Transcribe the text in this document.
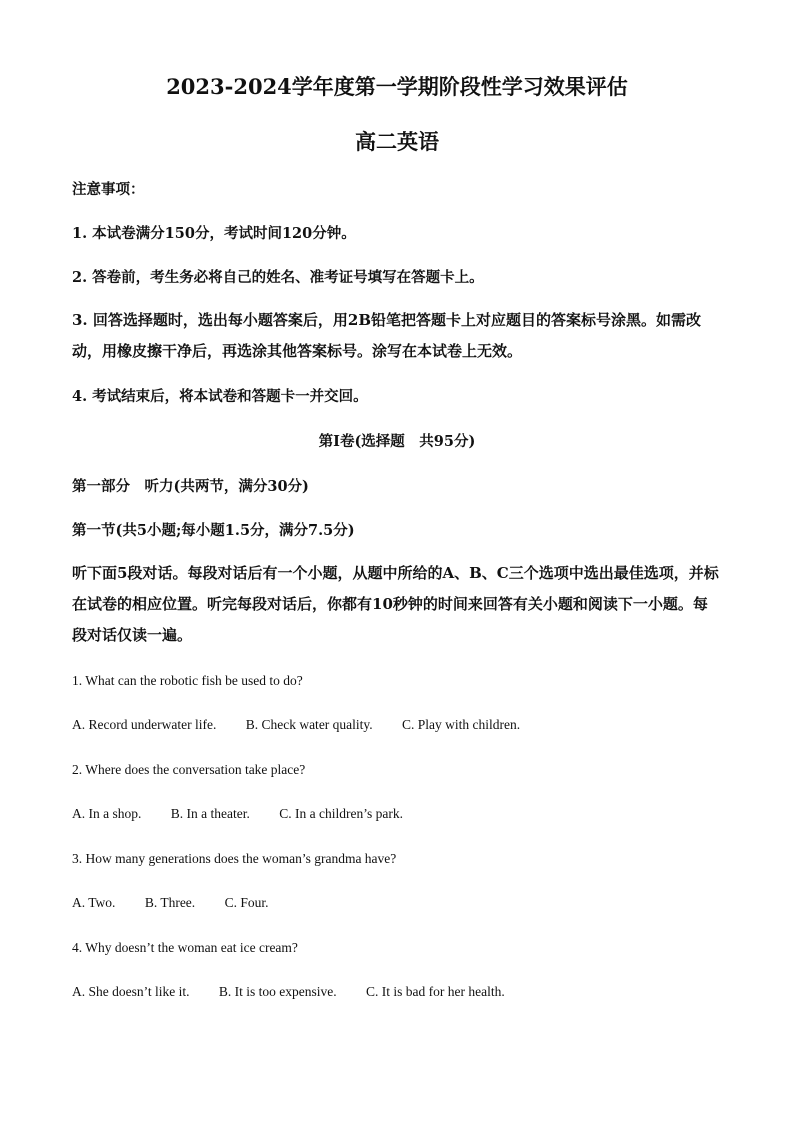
2023-2024学年度第一学期阶段性学习效果评估
高二英语
注意事项：
1. 本试卷满分150分，考试时间120分钟。
2. 答卷前，考生务必将自己的姓名、准考证号填写在答题卡上。
3. 回答选择题时，选出每小题答案后，用2B铅笔把答题卡上对应题目的答案标号涂黑。如需改动，用橡皮擦干净后，再选涂其他答案标号。涂写在本试卷上无效。
4. 考试结束后，将本试卷和答题卡一并交回。
第Ⅰ卷(选择题　共95分)
第一部分　听力(共两节，满分30分)
第一节(共5小题;每小题1.5分，满分7.5分)
听下面5段对话。每段对话后有一个小题，从题中所给的A、B、C三个选项中选出最佳选项，并标在试卷的相应位置。听完每段对话后，你都有10秒钟的时间来回答有关小题和阅读下一小题。每段对话仅读一遍。
1. What can the robotic fish be used to do?
A. Record underwater life. B. Check water quality. C. Play with children.
2. Where does the conversation take place?
A. In a shop. B. In a theater. C. In a children’s park.
3. How many generations does the woman’s grandma have?
A. Two. B. Three. C. Four.
4. Why doesn’t the woman eat ice cream?
A. She doesn’t like it. B. It is too expensive. C. It is bad for her health.
